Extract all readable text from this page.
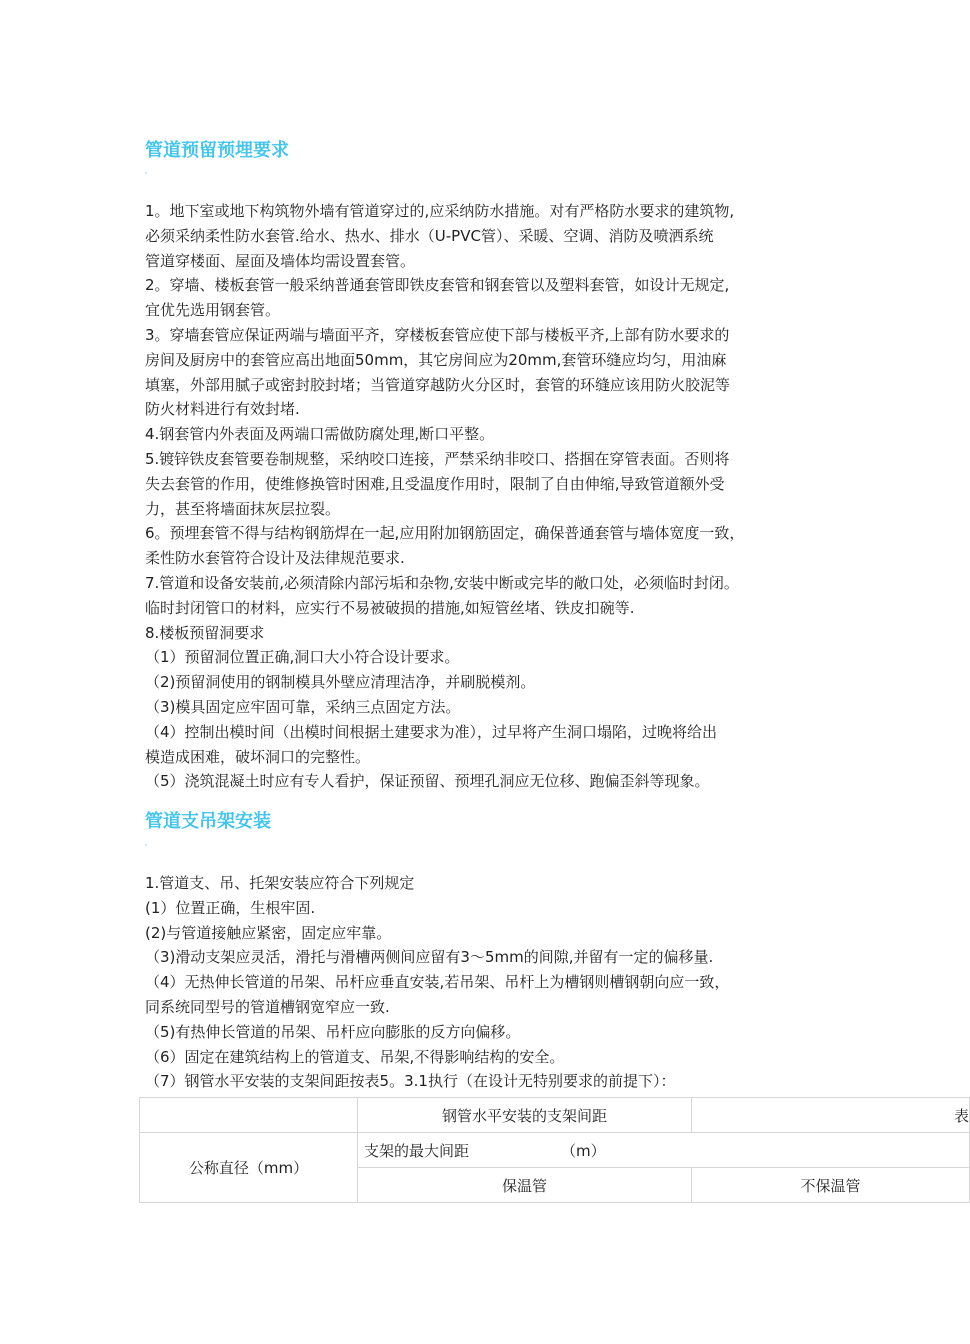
管道预留预埋要求

1。地下室或地下构筑物外墙有管道穿过的,应采纳防水措施。对有严格防水要求的建筑物,

必须采纳柔性防水套管.给水、热水、排水（U-PVC管）、采暖、空调、消防及喷洒系统

管道穿楼面、屋面及墙体均需设置套管。

2。穿墙、楼板套管一般采纳普通套管即铁皮套管和钢套管以及塑料套管，如设计无规定,

宜优先选用钢套管。

3。穿墙套管应保证两端与墙面平齐，穿楼板套管应使下部与楼板平齐,上部有防水要求的

房间及厨房中的套管应高出地面50mm，其它房间应为20mm,套管环缝应均匀，用油麻

填塞，外部用腻子或密封胶封堵；当管道穿越防火分区时，套管的环缝应该用防火胶泥等

防火材料进行有效封堵.

4.钢套管内外表面及两端口需做防腐处理,断口平整。

5.镀锌铁皮套管要卷制规整，采纳咬口连接，严禁采纳非咬口、搭掴在穿管表面。否则将

失去套管的作用，使维修换管时困难,且受温度作用时，限制了自由伸缩,导致管道额外受

力，甚至将墙面抹灰层拉裂。

6。预埋套管不得与结构钢筋焊在一起,应用附加钢筋固定，确保普通套管与墙体宽度一致，

柔性防水套管符合设计及法律规范要求.

7.管道和设备安装前,必须清除内部污垢和杂物,安装中断或完毕的敞口处，必须临时封闭。

临时封闭管口的材料，应实行不易被破损的措施,如短管丝堵、铁皮扣碗等.

8.楼板预留洞要求

（1）预留洞位置正确,洞口大小符合设计要求。

（2)预留洞使用的钢制模具外壁应清理洁净，并刷脱模剂。

（3)模具固定应牢固可靠，采纳三点固定方法。

（4）控制出模时间（出模时间根据土建要求为准），过早将产生洞口塌陷，过晚将给出

模造成困难，破坏洞口的完整性。

（5）浇筑混凝土时应有专人看护，保证预留、预埋孔洞应无位移、跑偏歪斜等现象。

管道支吊架安装

1.管道支、吊、托架安装应符合下列规定

(1）位置正确，生根牢固.

(2)与管道接触应紧密，固定应牢靠。

（3)滑动支架应灵活，滑托与滑槽两侧间应留有3～5mm的间隙,并留有一定的偏移量.

（4）无热伸长管道的吊架、吊杆应垂直安装,若吊架、吊杆上为槽钢则槽钢朝向应一致，

同系统同型号的管道槽钢宽窄应一致.

（5)有热伸长管道的吊架、吊杆应向膨胀的反方向偏移。

（6）固定在建筑结构上的管道支、吊架,不得影响结构的安全。

（7）钢管水平安装的支架间距按表5。3.1执行（在设计无特别要求的前提下）：

	钢管水平安装的支架间距	表
公称直径（mm）	支架的最大间距 （m）	
	保温管	不保温管
